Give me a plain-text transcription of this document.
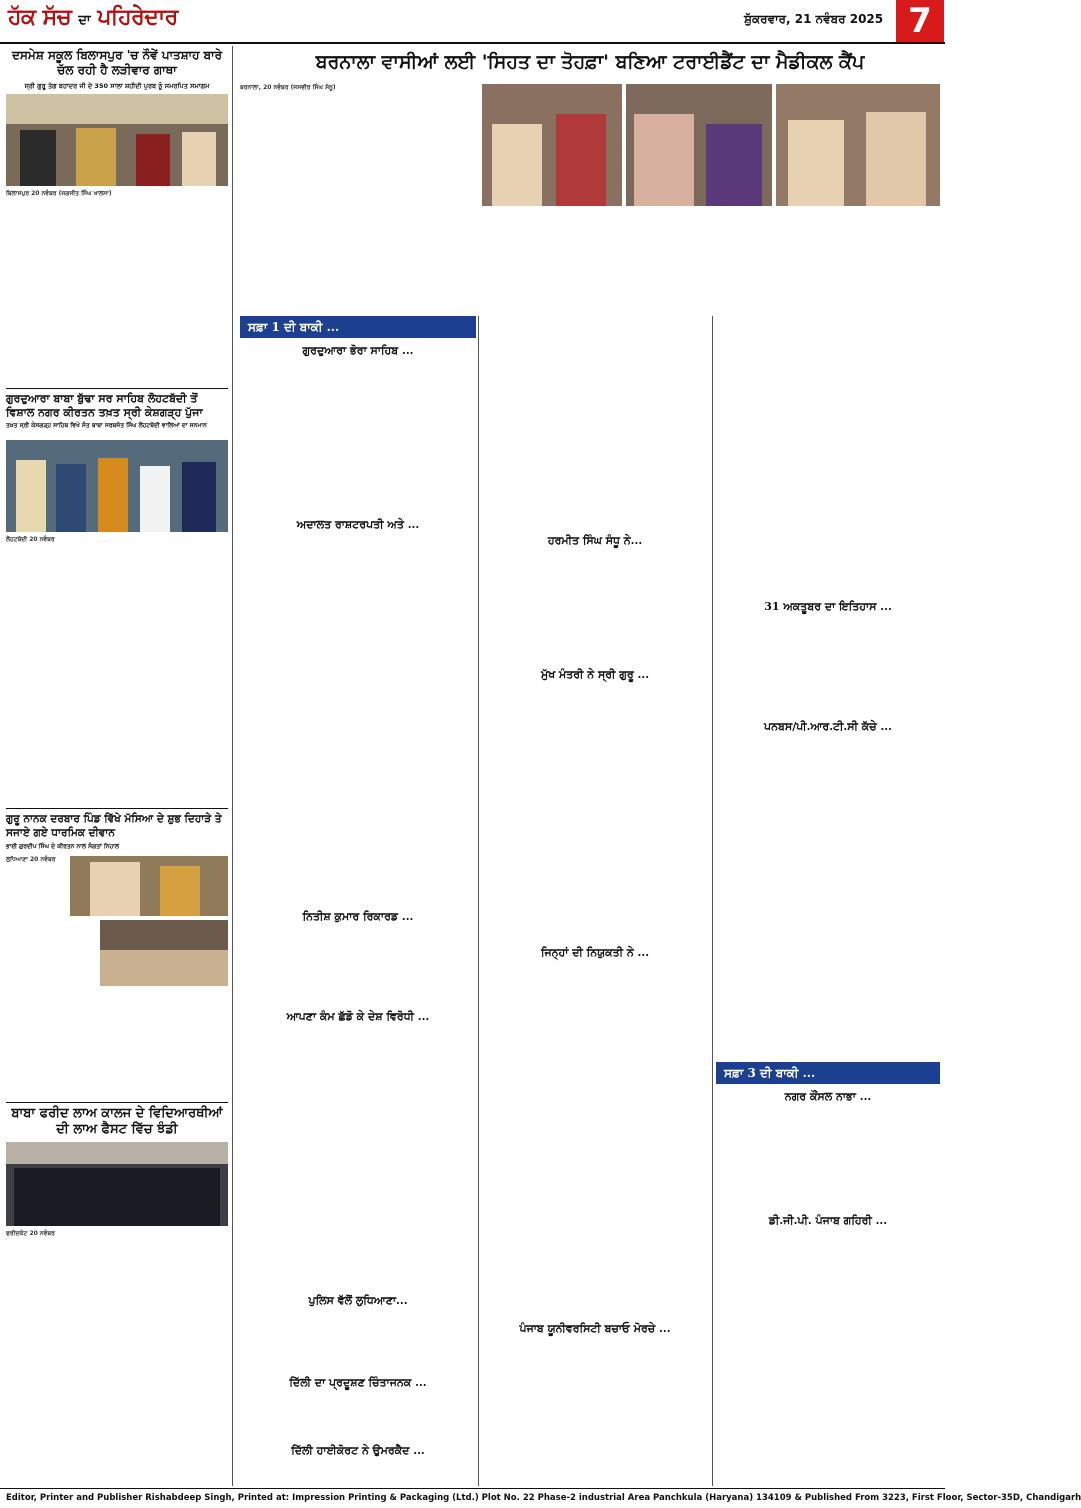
ਹੱਕ ਸੱਚ ਦਾ ਪਹਿਰੇਦਾਰ	ਸ਼ੁੱਕਰਵਾਰ, 21 ਨਵੰਬਰ 2025 7
ਦਸਮੇਸ਼ ਸਕੂਲ ਬਿਲਾਸਪੁਰ 'ਚ ਨੌਵੇਂ ਪਾਤਸ਼ਾਹ ਬਾਰੇ ਚੱਲ ਰਹੀ ਹੈ ਲੜੀਵਾਰ ਗਾਥਾ
ਸ੍ਰੀ ਗੁਰੂ ਤੇਗ ਬਹਾਦਰ ਜੀ ਦੇ 350 ਸਾਲਾ ਸ਼ਹੀਦੀ ਪੁਰਬ ਨੂੰ ਸਮਰਪਿਤ ਸਮਾਗਮ
ਬਿਲਾਸਪੁਰ 20 ਨਵੰਬਰ (ਜਗਜੀਤ ਸਿੰਘ ਖਾਲਸਾ)
ਗੁਰਦੁਆਰਾ ਬਾਬਾ ਬੁੱਢਾ ਸਰ ਸਾਹਿਬ ਲੋਹਟਬੱਦੀ ਤੋਂ ਵਿਸ਼ਾਲ ਨਗਰ ਕੀਰਤਨ ਤਖ਼ਤ ਸ੍ਰੀ ਕੇਸ਼ਗੜ੍ਹ ਪੁੱਜਾ
ਤਖ਼ਤ ਸ੍ਰੀ ਕੇਸਗੜ੍ਹ ਸਾਹਿਬ ਵਿਖੇ ਸੰਤ ਬਾਬਾ ਸਰਬਜੋਤ ਸਿੰਘ ਲੋਹਟਬੱਦੀ ਵਾਲਿਆਂ ਦਾ ਸਨਮਾਨ
ਲੋਹਟਬੱਦੀ 20 ਨਵੰਬਰ
ਗੁਰੂ ਨਾਨਕ ਦਰਬਾਰ ਪਿੰਡ ਵਿੱਖੇ ਮੱਸਿਆ ਦੇ ਸ਼ੁਭ ਦਿਹਾੜੇ ਤੇ ਸਜਾਏ ਗਏ ਧਾਰਮਿਕ ਦੀਵਾਨ
ਭਾਈ ਗੁਰਦੀਪ ਸਿੰਘ ਦੇ ਕੀਰਤਨ ਨਾਲ ਸੰਗਤਾਂ ਨਿਹਾਲ
ਲੁਧਿਆਣਾ 20 ਨਵੰਬਰ
ਬਾਬਾ ਫਰੀਦ ਲਾਅ ਕਾਲਜ ਦੇ ਵਿਦਿਆਰਥੀਆਂ ਦੀ ਲਾਅ ਫੈਸਟ ਵਿੱਚ ਝੰਡੀ
ਫਰੀਦਕੋਟ 20 ਨਵੰਬਰ
ਬਰਨਾਲਾ ਵਾਸੀਆਂ ਲਈ 'ਸਿਹਤ ਦਾ ਤੋਹਫ਼ਾ' ਬਣਿਆ ਟਰਾਈਡੈਂਟ ਦਾ ਮੈਡੀਕਲ ਕੈਂਪ
ਬਰਨਾਲਾ, 20 ਨਵੰਬਰ (ਜਸਵੀਰ ਸਿੰਘ ਸੋਨੂ)
ਸਫ਼ਾ 1 ਦੀ ਬਾਕੀ ...
ਗੁਰਦੁਆਰਾ ਭੋਰਾ ਸਾਹਿਬ ...
ਅਦਾਲਤ ਰਾਸ਼ਟਰਪਤੀ ਅਤੇ ...
ਨਿਤੀਸ਼ ਕੁਮਾਰ ਰਿਕਾਰਡ ...
ਆਪਣਾ ਕੰਮ ਛੱਡੋ ਕੇ ਦੇਸ਼ ਵਿਰੋਧੀ ...
ਪੁਲਿਸ ਵੱਲੋਂ ਲੁਧਿਆਣਾ...
ਦਿੱਲੀ ਦਾ ਪ੍ਰਦੂਸ਼ਣ ਚਿੰਤਾਜਨਕ ...
ਦਿੱਲੀ ਹਾਈਕੋਰਟ ਨੇ ਉਮਰਕੈਦ ...
ਹਰਮੀਤ ਸਿੰਘ ਸੰਧੂ ਨੇ...
ਮੁੱਖ ਮੰਤਰੀ ਨੇ ਸ੍ਰੀ ਗੁਰੂ ...
ਜਿਨ੍ਹਾਂ ਦੀ ਨਿਯੁਕਤੀ ਨੇ ...
ਪੰਜਾਬ ਯੂਨੀਵਰਸਿਟੀ ਬਚਾਓ ਮੋਰਚੇ ...
31 ਅਕਤੂਬਰ ਦਾ ਇਤਿਹਾਸ ...
ਪਨਬਸ/ਪੀ.ਆਰ.ਟੀ.ਸੀ ਕੱਚੇ ...
ਸਫ਼ਾ 3 ਦੀ ਬਾਕੀ ...
ਨਗਰ ਕੌਂਸਲ ਨਾਭਾ ...
ਡੀ.ਜੀ.ਪੀ. ਪੰਜਾਬ ਗਹਿਰੀ ...
Editor, Printer and Publisher Rishabdeep Singh, Printed at: Impression Printing & Packaging (Ltd.) Plot No. 22 Phase-2 industrial Area Panchkula (Haryana) 134109 & Published From 3223, First Floor, Sector-35D, Chandigarh
